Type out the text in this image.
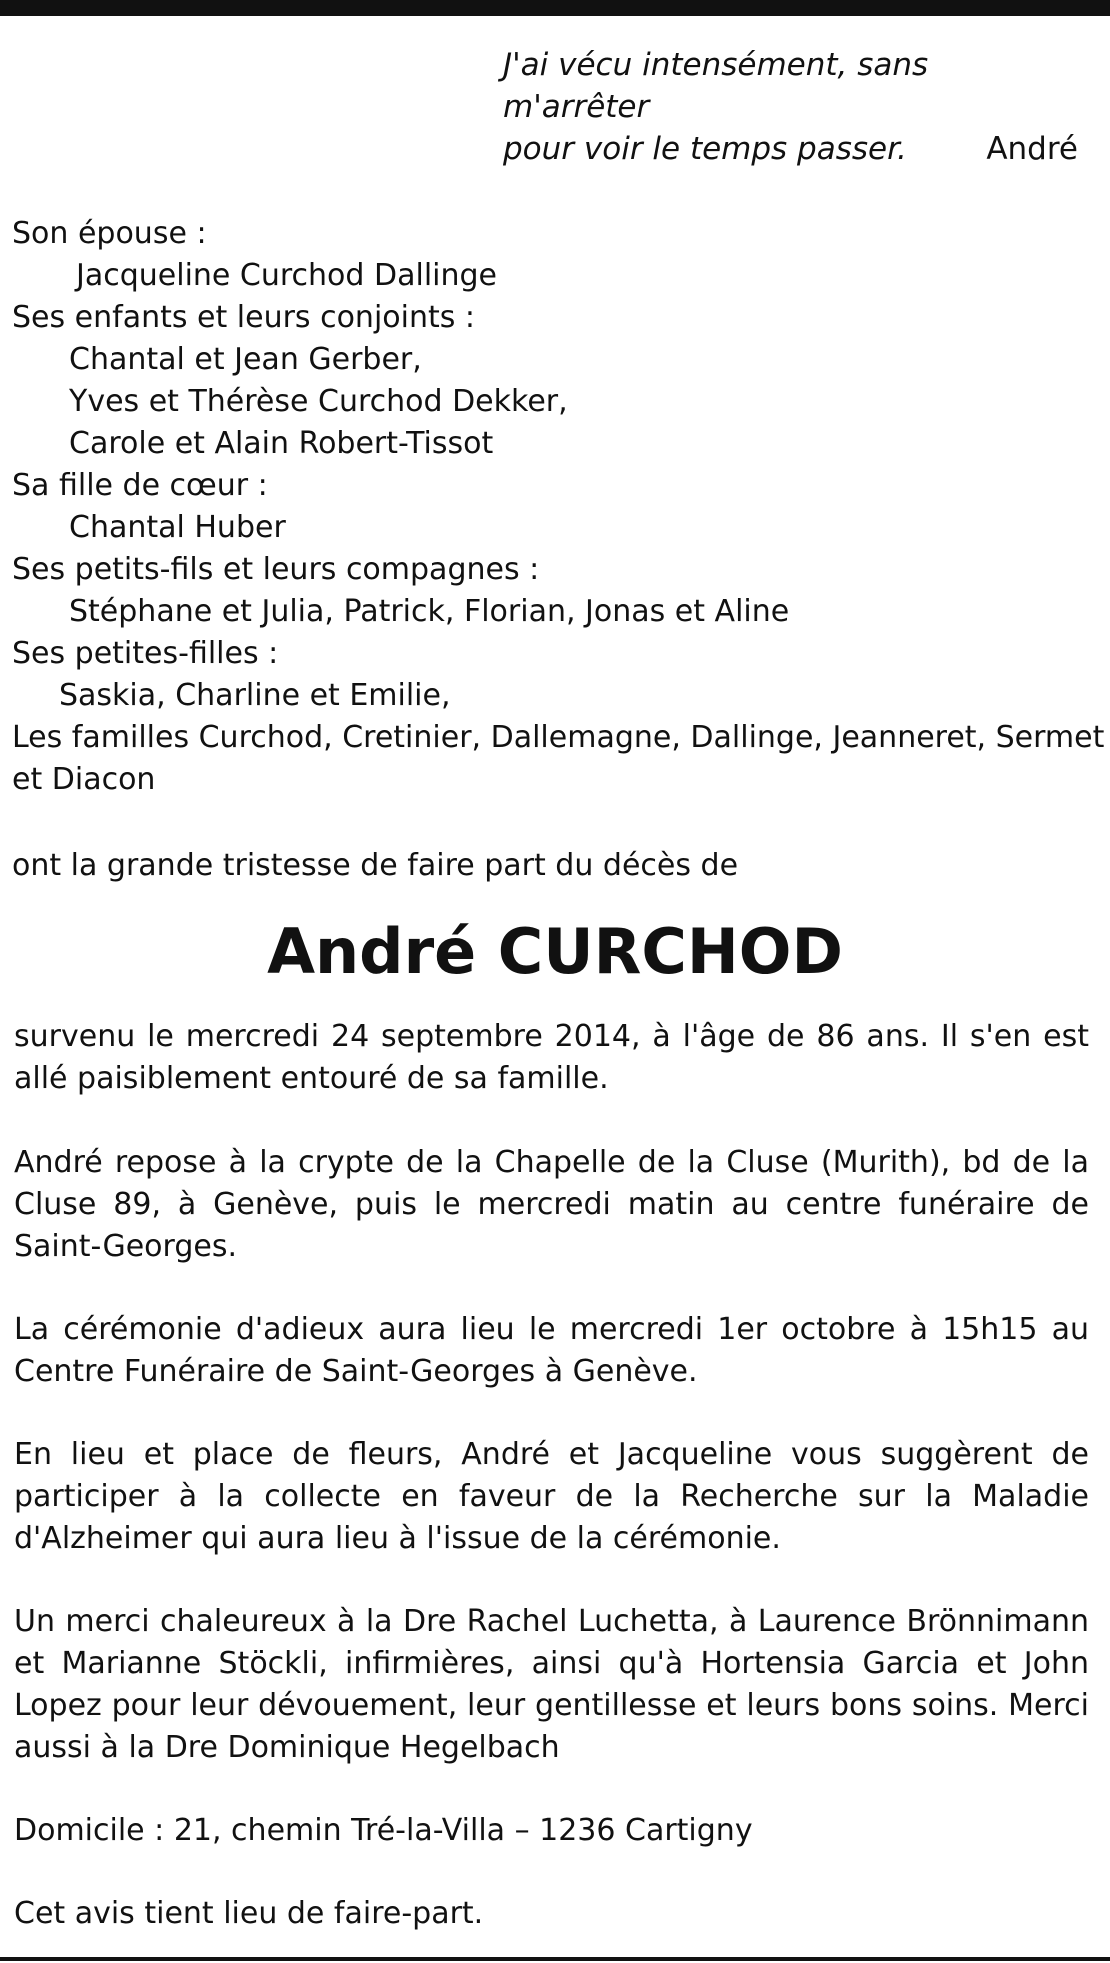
J'ai vécu intensément, sans m'arrêter
pour voir le temps passer.	André
Son épouse :
Jacqueline Curchod Dallinge
Ses enfants et leurs conjoints :
Chantal et Jean Gerber,
Yves et Thérèse Curchod Dekker,
Carole et Alain Robert-Tissot
Sa fille de cœur :
Chantal Huber
Ses petits-fils et leurs compagnes :
Stéphane et Julia, Patrick, Florian, Jonas et Aline
Ses petites-filles :
Saskia, Charline et Emilie,
Les familles Curchod, Cretinier, Dallemagne, Dallinge, Jeanneret, Sermet
et Diacon
ont la grande tristesse de faire part du décès de
André CURCHOD
survenu le mercredi 24 septembre 2014, à l'âge de 86 ans. Il s'en est allé paisiblement entouré de sa famille.
André repose à la crypte de la Chapelle de la Cluse (Murith), bd de la Cluse 89, à Genève, puis le mercredi matin au centre funéraire de Saint-Georges.
La cérémonie d'adieux aura lieu le mercredi 1er octobre à 15h15 au Centre Funéraire de Saint-Georges à Genève.
En lieu et place de fleurs, André et Jacqueline vous suggèrent de participer à la collecte en faveur de la Recherche sur la Maladie d'Alzheimer qui aura lieu à l'issue de la cérémonie.
Un merci chaleureux à la Dre Rachel Luchetta, à Laurence Brönnimann et Marianne Stöckli, infirmières, ainsi qu'à Hortensia Garcia et John Lopez pour leur dévouement, leur gentillesse et leurs bons soins. Merci aussi à la Dre Dominique Hegelbach
Domicile : 21, chemin Tré-la-Villa – 1236 Cartigny
Cet avis tient lieu de faire-part.
